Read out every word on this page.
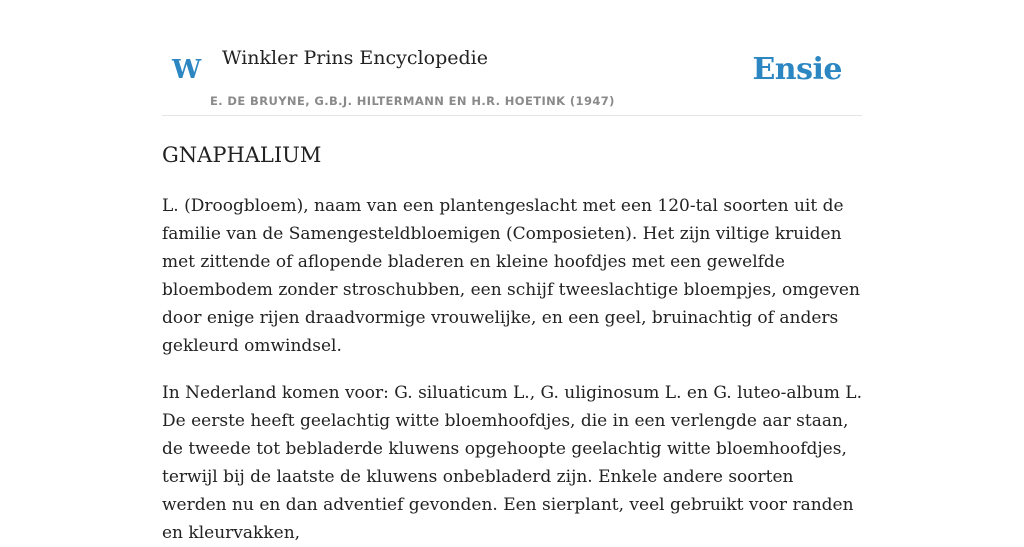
W Winkler Prins Encyclopedie
E. DE BRUYNE, G.B.J. HILTERMANN EN H.R. HOETINK (1947)
Ensie
GNAPHALIUM

L. (Droogbloem), naam van een plantengeslacht met een 120-tal soorten uit de familie van de Samengesteldbloemigen (Composieten). Het zijn viltige kruiden met zittende of aflopende bladeren en kleine hoofdjes met een gewelfde bloembodem zonder stroschubben, een schijf tweeslachtige bloempjes, omgeven door enige rijen draadvormige vrouwelijke, en een geel, bruinachtig of anders gekleurd omwindsel.

In Nederland komen voor: G. siluaticum L., G. uliginosum L. en G. luteo-album L. De eerste heeft geelachtig witte bloemhoofdjes, die in een verlengde aar staan, de tweede tot bebladerde kluwens opgehoopte geelachtig witte bloemhoofdjes, terwijl bij de laatste de kluwens onbebladerd zijn. Enkele andere soorten werden nu en dan adventief gevonden. Een sierplant, veel gebruikt voor randen en kleurvakken,
